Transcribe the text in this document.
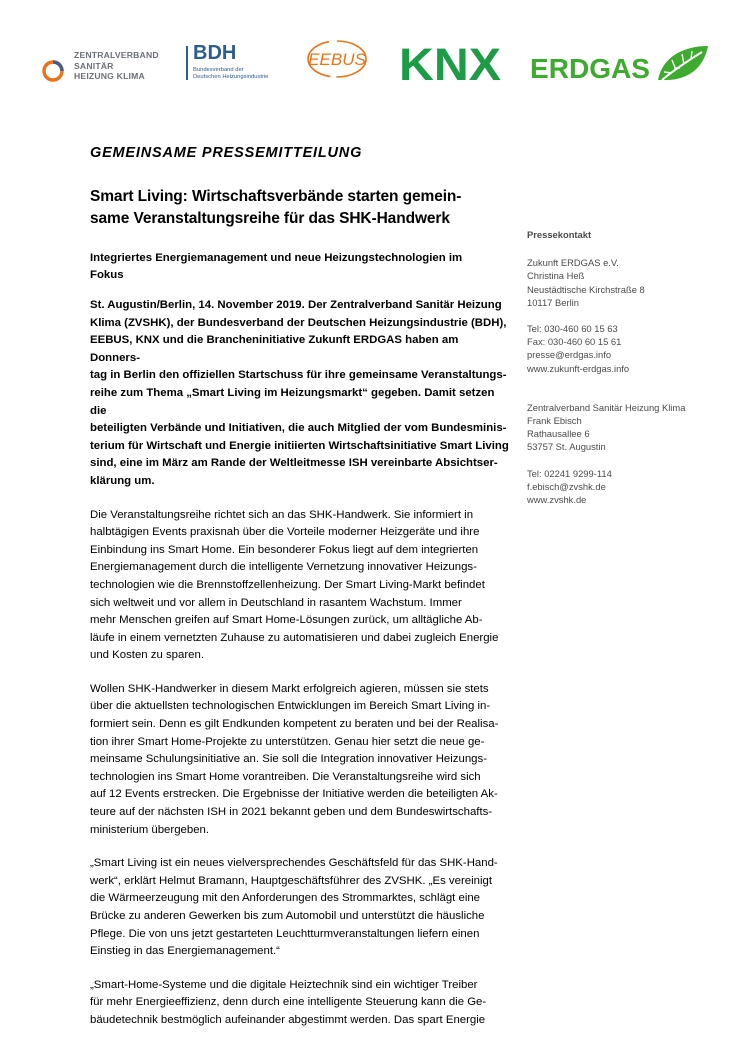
ZENTRALVERBAND
SANITÄR
HEIZUNG KLIMA
BDH
Bundesverband der
Deutschen Heizungsindustrie
EEBUS KNX ERDGAS

GEMEINSAME PRESSEMITTEILUNG

Smart Living: Wirtschaftsverbände starten gemein-
same Veranstaltungsreihe für das SHK-Handwerk

Integriertes Energiemanagement und neue Heizungstechnologien im
Fokus

St. Augustin/Berlin, 14. November 2019. Der Zentralverband Sanitär Heizung
Klima (ZVSHK), der Bundesverband der Deutschen Heizungsindustrie (BDH),
EEBUS, KNX und die Brancheninitiative Zukunft ERDGAS haben am Donners-
tag in Berlin den offiziellen Startschuss für ihre gemeinsame Veranstaltungs-
reihe zum Thema „Smart Living im Heizungsmarkt“ gegeben. Damit setzen die
beteiligten Verbände und Initiativen, die auch Mitglied der vom Bundesminis-
terium für Wirtschaft und Energie initiierten Wirtschaftsinitiative Smart Living
sind, eine im März am Rande der Weltleitmesse ISH vereinbarte Absichtser-
klärung um.

Die Veranstaltungsreihe richtet sich an das SHK-Handwerk. Sie informiert in
halbtägigen Events praxisnah über die Vorteile moderner Heizgeräte und ihre
Einbindung ins Smart Home. Ein besonderer Fokus liegt auf dem integrierten
Energiemanagement durch die intelligente Vernetzung innovativer Heizungs-
technologien wie die Brennstoffzellenheizung. Der Smart Living-Markt befindet
sich weltweit und vor allem in Deutschland in rasantem Wachstum. Immer
mehr Menschen greifen auf Smart Home-Lösungen zurück, um alltägliche Ab-
läufe in einem vernetzten Zuhause zu automatisieren und dabei zugleich Energie
und Kosten zu sparen.

Wollen SHK-Handwerker in diesem Markt erfolgreich agieren, müssen sie stets
über die aktuellsten technologischen Entwicklungen im Bereich Smart Living in-
formiert sein. Denn es gilt Endkunden kompetent zu beraten und bei der Realisa-
tion ihrer Smart Home-Projekte zu unterstützen. Genau hier setzt die neue ge-
meinsame Schulungsinitiative an. Sie soll die Integration innovativer Heizungs-
technologien ins Smart Home vorantreiben. Die Veranstaltungsreihe wird sich
auf 12 Events erstrecken. Die Ergebnisse der Initiative werden die beteiligten Ak-
teure auf der nächsten ISH in 2021 bekannt geben und dem Bundeswirtschafts-
ministerium übergeben.

„Smart Living ist ein neues vielversprechendes Geschäftsfeld für das SHK-Hand-
werk“, erklärt Helmut Bramann, Hauptgeschäftsführer des ZVSHK. „Es vereinigt
die Wärmeerzeugung mit den Anforderungen des Strommarktes, schlägt eine
Brücke zu anderen Gewerken bis zum Automobil und unterstützt die häusliche
Pflege. Die von uns jetzt gestarteten Leuchtturmveranstaltungen liefern einen
Einstieg in das Energiemanagement.“

„Smart-Home-Systeme und die digitale Heiztechnik sind ein wichtiger Treiber
für mehr Energieeffizienz, denn durch eine intelligente Steuerung kann die Ge-
bäudetechnik bestmöglich aufeinander abgestimmt werden. Das spart Energie

Pressekontakt
Zukunft ERDGAS e.V.
Christina Heß
Neustädtische Kirchstraße 8
10117 Berlin
Tel: 030-460 60 15 63
Fax: 030-460 60 15 61
presse@erdgas.info
www.zukunft-erdgas.info
Zentralverband Sanitär Heizung Klima
Frank Ebisch
Rathausallee 6
53757 St. Augustin
Tel: 02241 9299-114
f.ebisch@zvshk.de
www.zvshk.de
